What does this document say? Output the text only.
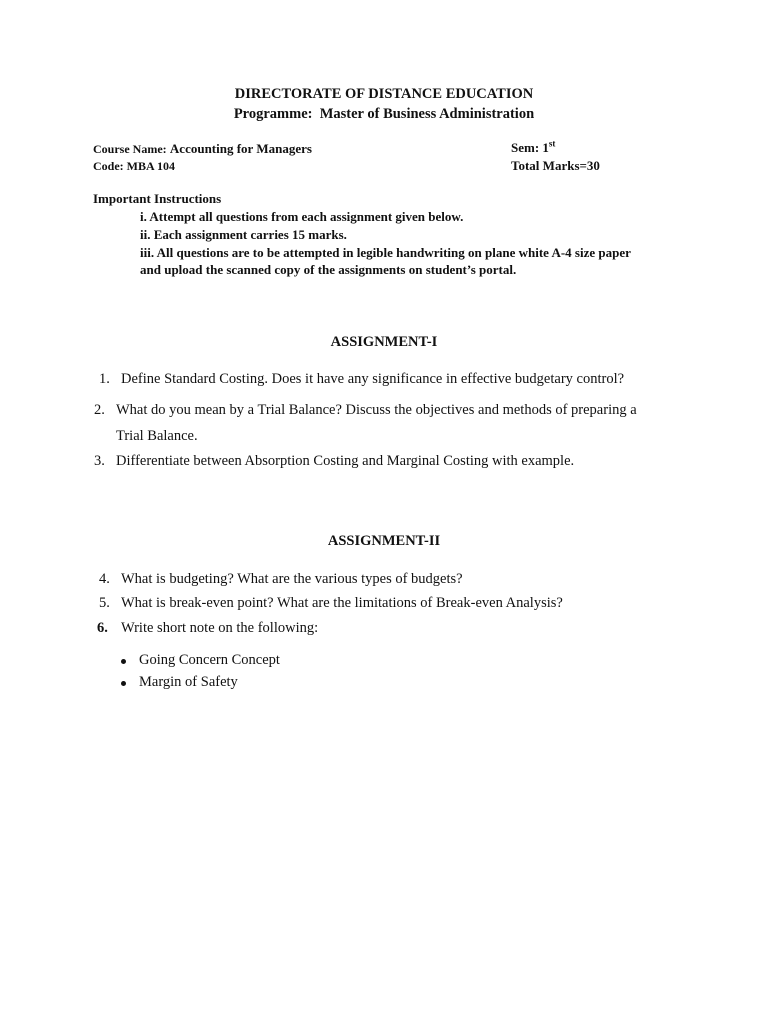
DIRECTORATE OF DISTANCE EDUCATION
Programme: Master of Business Administration
Course Name: Accounting for Managers
Code: MBA 104
Sem: 1st
Total Marks=30
Important Instructions
i. Attempt all questions from each assignment given below.
ii. Each assignment carries 15 marks.
iii. All questions are to be attempted in legible handwriting on plane white A-4 size paper
and upload the scanned copy of the assignments on student’s portal.
ASSIGNMENT-I
1. Define Standard Costing. Does it have any significance in effective budgetary control?
2. What do you mean by a Trial Balance? Discuss the objectives and methods of preparing a
Trial Balance.
3. Differentiate between Absorption Costing and Marginal Costing with example.
ASSIGNMENT-II
4. What is budgeting? What are the various types of budgets?
5. What is break-even point? What are the limitations of Break-even Analysis?
6. Write short note on the following:
Going Concern Concept
Margin of Safety
